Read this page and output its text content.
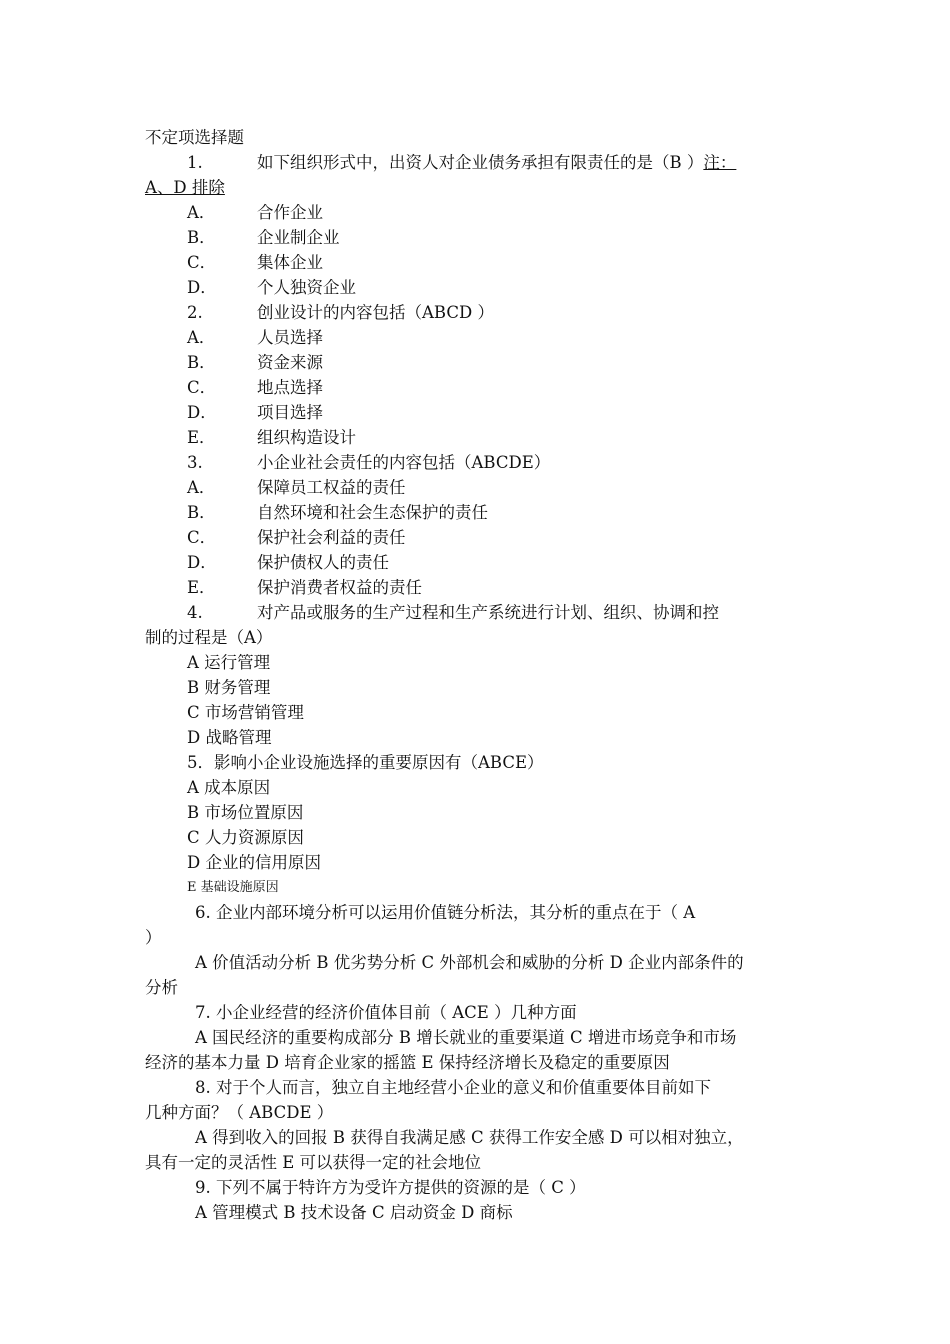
不定项选择题
1.	如下组织形式中，出资人对企业债务承担有限责任的是（B ）注：
A、D 排除
A．	合作企业
B．	企业制企业
C． 集体企业
D． 个人独资企业
2.	创业设计的内容包括（ABCD ）
A．	人员选择
B．	资金来源
C． 地点选择
D． 项目选择
E．	组织构造设计
3.	小企业社会责任的内容包括（ABCDE）
A．	保障员工权益的责任
B．	自然环境和社会生态保护的责任
C． 保护社会利益的责任
D． 保护债权人的责任
E．	保护消费者权益的责任
4.	对产品或服务的生产过程和生产系统进行计划、组织、协调和控
制的过程是（A）
A 运行管理
B 财务管理
C 市场营销管理
D 战略管理
5．影响小企业设施选择的重要原因有（ABCE）
A 成本原因
B 市场位置原因
C 人力资源原因
D 企业的信用原因
E 基础设施原因
6. 企业内部环境分析可以运用价值链分析法，其分析的重点在于（ A
）
A 价值活动分析 B 优劣势分析 C 外部机会和威胁的分析 D 企业内部条件的
分析
7. 小企业经营的经济价值体目前（ ACE ）几种方面
A 国民经济的重要构成部分 B 增长就业的重要渠道 C 增进市场竞争和市场
经济的基本力量 D 培育企业家的摇篮 E 保持经济增长及稳定的重要原因
8. 对于个人而言，独立自主地经营小企业的意义和价值重要体目前如下
几种方面？（ ABCDE ）
A 得到收入的回报 B 获得自我满足感 C 获得工作安全感 D 可以相对独立，
具有一定的灵活性 E 可以获得一定的社会地位
9. 下列不属于特许方为受许方提供的资源的是（ C ）
A 管理模式 B 技术设备 C 启动资金 D 商标
